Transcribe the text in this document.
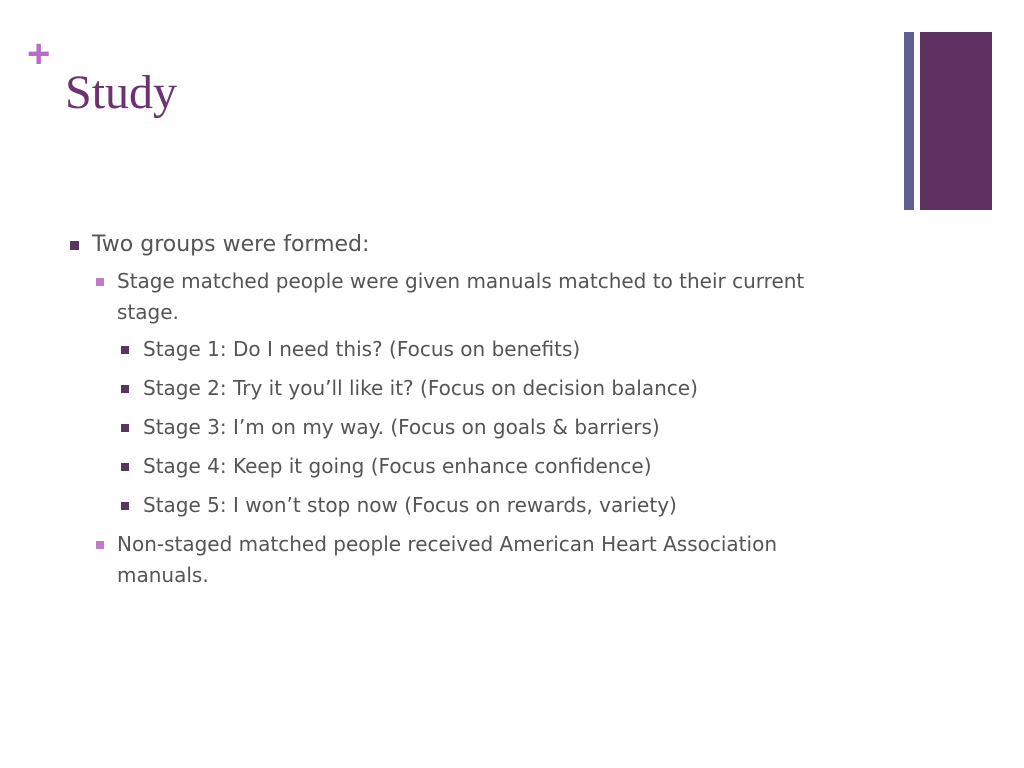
+
Study
Two groups were formed:
Stage matched people were given manuals matched to their current stage.
Stage 1: Do I need this? (Focus on benefits)
Stage 2: Try it you’ll like it? (Focus on decision balance)
Stage 3: I’m on my way. (Focus on goals & barriers)
Stage 4: Keep it going (Focus enhance confidence)
Stage 5: I won’t stop now (Focus on rewards, variety)
Non-staged matched people received American Heart Association manuals.
